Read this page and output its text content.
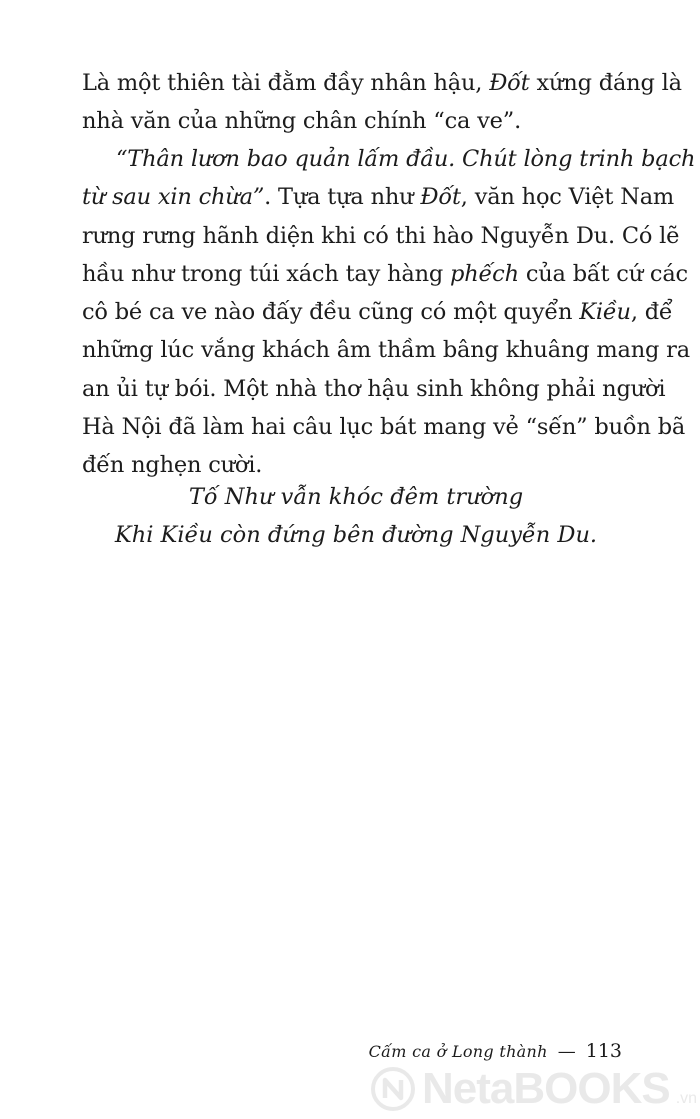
Là một thiên tài đằm đầy nhân hậu, Đốt xứng đáng là
nhà văn của những chân chính “ca ve”.
“Thân lươn bao quản lấm đầu. Chút lòng trinh bạch
từ sau xin chừa”. Tựa tựa như Đốt, văn học Việt Nam
rưng rưng hãnh diện khi có thi hào Nguyễn Du. Có lẽ
hầu như trong túi xách tay hàng phếch của bất cứ các
cô bé ca ve nào đấy đều cũng có một quyển Kiều, để
những lúc vắng khách âm thầm bâng khuâng mang ra
an ủi tự bói. Một nhà thơ hậu sinh không phải người
Hà Nội đã làm hai câu lục bát mang vẻ “sến” buồn bã
đến nghẹn cười.
Tố Như vẫn khóc đêm trường
Khi Kiều còn đứng bên đường Nguyễn Du.
Cấm ca ở Long thành — 113
NetaBOOKS .vn
